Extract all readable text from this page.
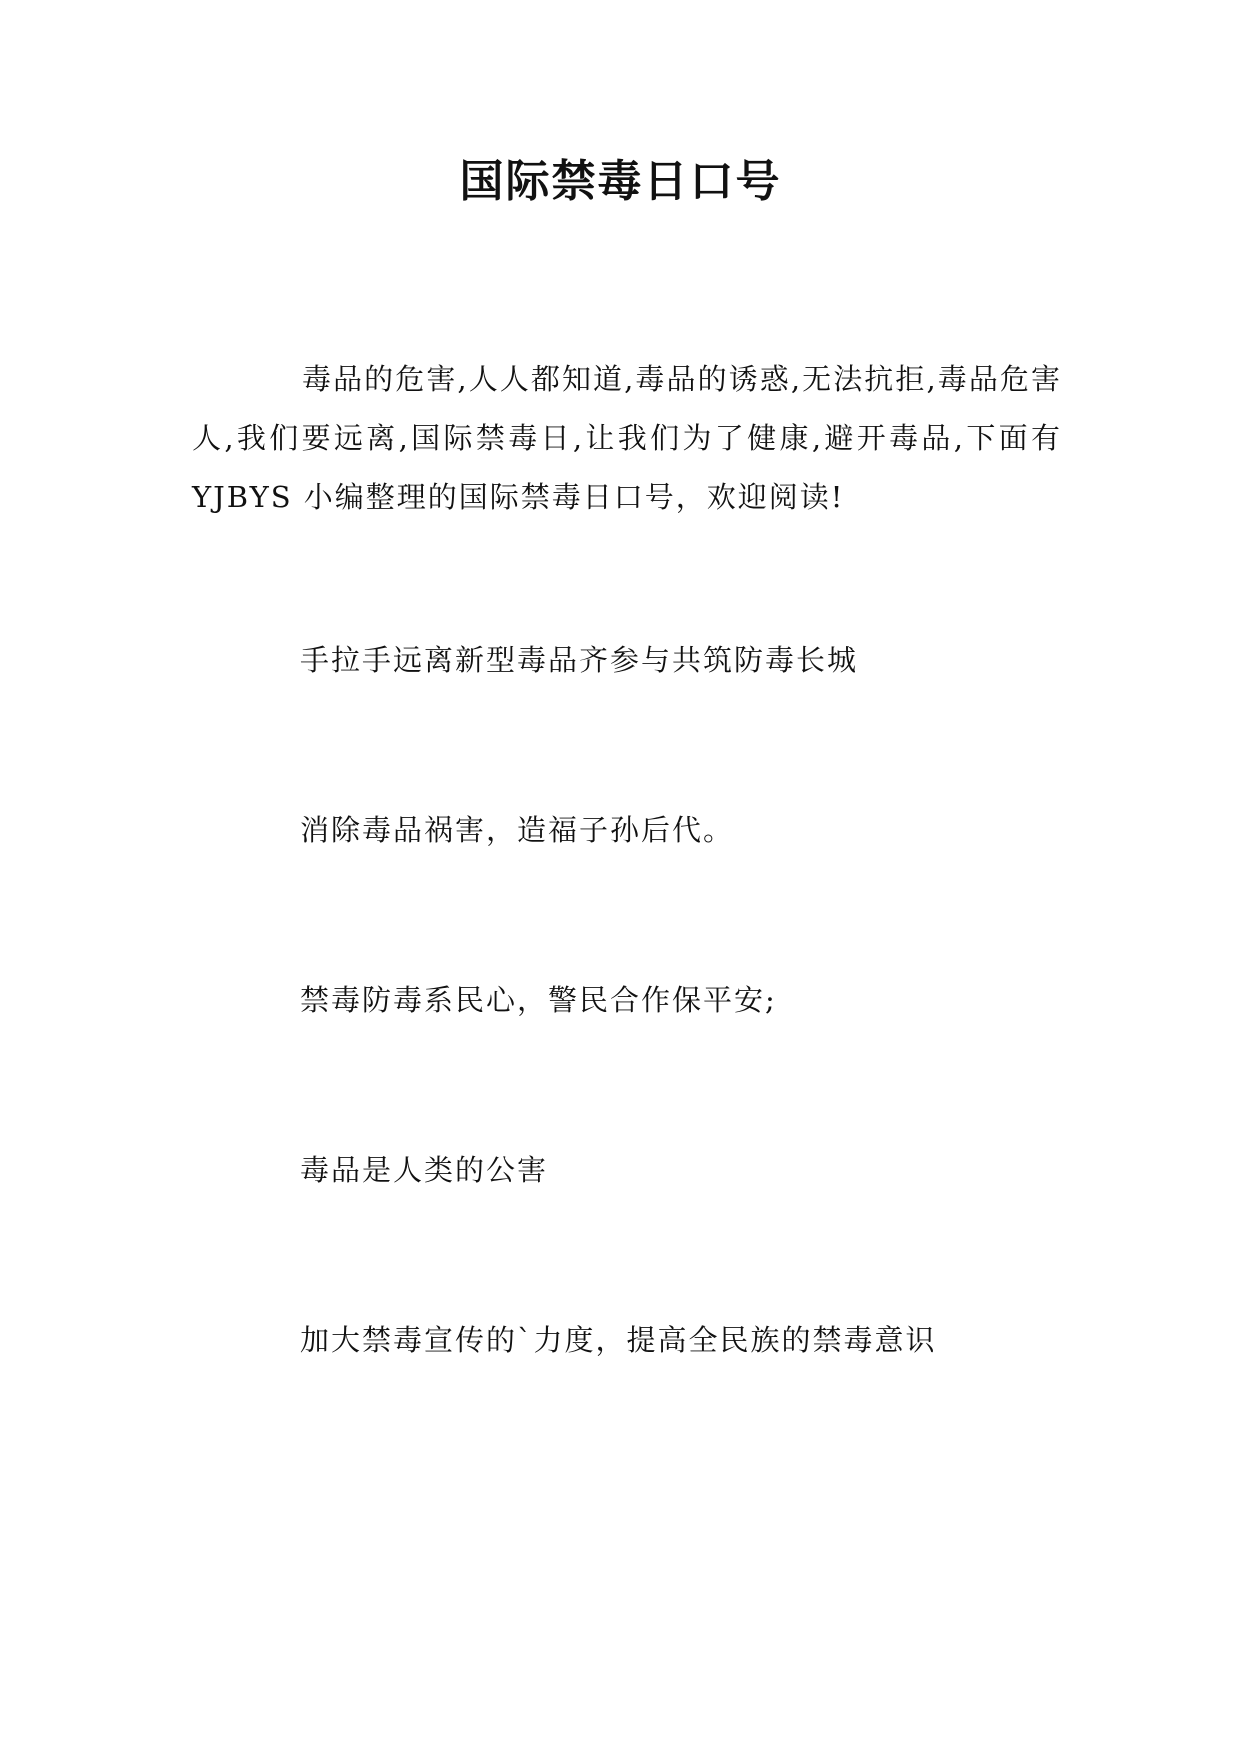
国际禁毒日口号

毒品的危害,人人都知道,毒品的诱惑,无法抗拒,毒品危害人,我们要远离,国际禁毒日,让我们为了健康,避开毒品,下面有 YJBYS 小编整理的国际禁毒日口号，欢迎阅读!

手拉手远离新型毒品齐参与共筑防毒长城
消除毒品祸害，造福子孙后代。
禁毒防毒系民心，警民合作保平安;
毒品是人类的公害
加大禁毒宣传的`力度，提高全民族的禁毒意识
